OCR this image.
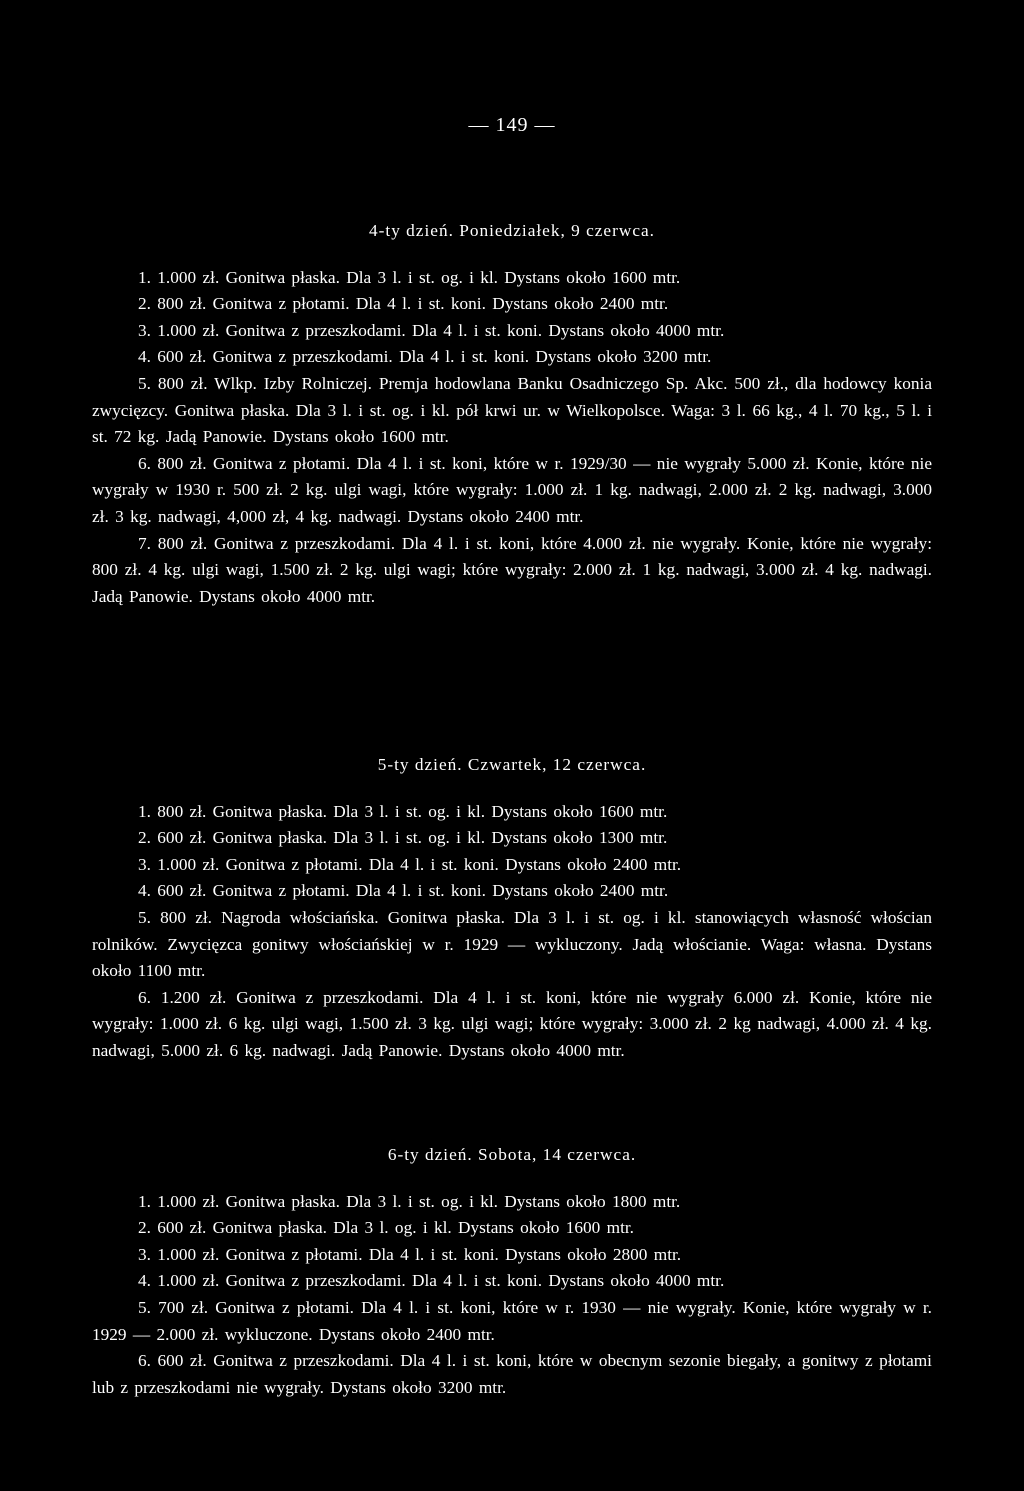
— 149 —
4-ty dzień. Poniedziałek, 9 czerwca.

1. 1.000 zł. Gonitwa płaska. Dla 3 l. i st. og. i kl. Dystans około 1600 mtr.

2. 800 zł. Gonitwa z płotami. Dla 4 l. i st. koni. Dystans około 2400 mtr.

3. 1.000 zł. Gonitwa z przeszkodami. Dla 4 l. i st. koni. Dystans około 4000 mtr.

4. 600 zł. Gonitwa z przeszkodami. Dla 4 l. i st. koni. Dystans około 3200 mtr.

5. 800 zł. Wlkp. Izby Rolniczej. Premja hodowlana Banku Osadniczego Sp. Akc. 500 zł., dla hodowcy konia zwycięzcy. Gonitwa płaska. Dla 3 l. i st. og. i kl. pół krwi ur. w Wielkopolsce. Waga: 3 l. 66 kg., 4 l. 70 kg., 5 l. i st. 72 kg. Jadą Panowie. Dystans około 1600 mtr.

6. 800 zł. Gonitwa z płotami. Dla 4 l. i st. koni, które w r. 1929/30 — nie wygrały 5.000 zł. Konie, które nie wygrały w 1930 r. 500 zł. 2 kg. ulgi wagi, które wygrały: 1.000 zł. 1 kg. nadwagi, 2.000 zł. 2 kg. nadwagi, 3.000 zł. 3 kg. nadwagi, 4,000 zł, 4 kg. nadwagi. Dystans około 2400 mtr.

7. 800 zł. Gonitwa z przeszkodami. Dla 4 l. i st. koni, które 4.000 zł. nie wygrały. Konie, które nie wygrały: 800 zł. 4 kg. ulgi wagi, 1.500 zł. 2 kg. ulgi wagi; które wygrały: 2.000 zł. 1 kg. nadwagi, 3.000 zł. 4 kg. nadwagi. Jadą Panowie. Dystans około 4000 mtr.

5-ty dzień. Czwartek, 12 czerwca.

1. 800 zł. Gonitwa płaska. Dla 3 l. i st. og. i kl. Dystans około 1600 mtr.

2. 600 zł. Gonitwa płaska. Dla 3 l. i st. og. i kl. Dystans około 1300 mtr.

3. 1.000 zł. Gonitwa z płotami. Dla 4 l. i st. koni. Dystans około 2400 mtr.

4. 600 zł. Gonitwa z płotami. Dla 4 l. i st. koni. Dystans około 2400 mtr.

5. 800 zł. Nagroda włościańska. Gonitwa płaska. Dla 3 l. i st. og. i kl. stanowiących własność włościan rolników. Zwycięzca gonitwy włościańskiej w r. 1929 — wykluczony. Jadą włościanie. Waga: własna. Dystans około 1100 mtr.

6. 1.200 zł. Gonitwa z przeszkodami. Dla 4 l. i st. koni, które nie wygrały 6.000 zł. Konie, które nie wygrały: 1.000 zł. 6 kg. ulgi wagi, 1.500 zł. 3 kg. ulgi wagi; które wygrały: 3.000 zł. 2 kg nadwagi, 4.000 zł. 4 kg. nadwagi, 5.000 zł. 6 kg. nadwagi. Jadą Panowie. Dystans około 4000 mtr.

6-ty dzień. Sobota, 14 czerwca.

1. 1.000 zł. Gonitwa płaska. Dla 3 l. i st. og. i kl. Dystans około 1800 mtr.

2. 600 zł. Gonitwa płaska. Dla 3 l. og. i kl. Dystans około 1600 mtr.

3. 1.000 zł. Gonitwa z płotami. Dla 4 l. i st. koni. Dystans około 2800 mtr.

4. 1.000 zł. Gonitwa z przeszkodami. Dla 4 l. i st. koni. Dystans około 4000 mtr.

5. 700 zł. Gonitwa z płotami. Dla 4 l. i st. koni, które w r. 1930 — nie wygrały. Konie, które wygrały w r. 1929 — 2.000 zł. wykluczone. Dystans około 2400 mtr.

6. 600 zł. Gonitwa z przeszkodami. Dla 4 l. i st. koni, które w obecnym sezonie biegały, a gonitwy z płotami lub z przeszkodami nie wygrały. Dystans około 3200 mtr.
